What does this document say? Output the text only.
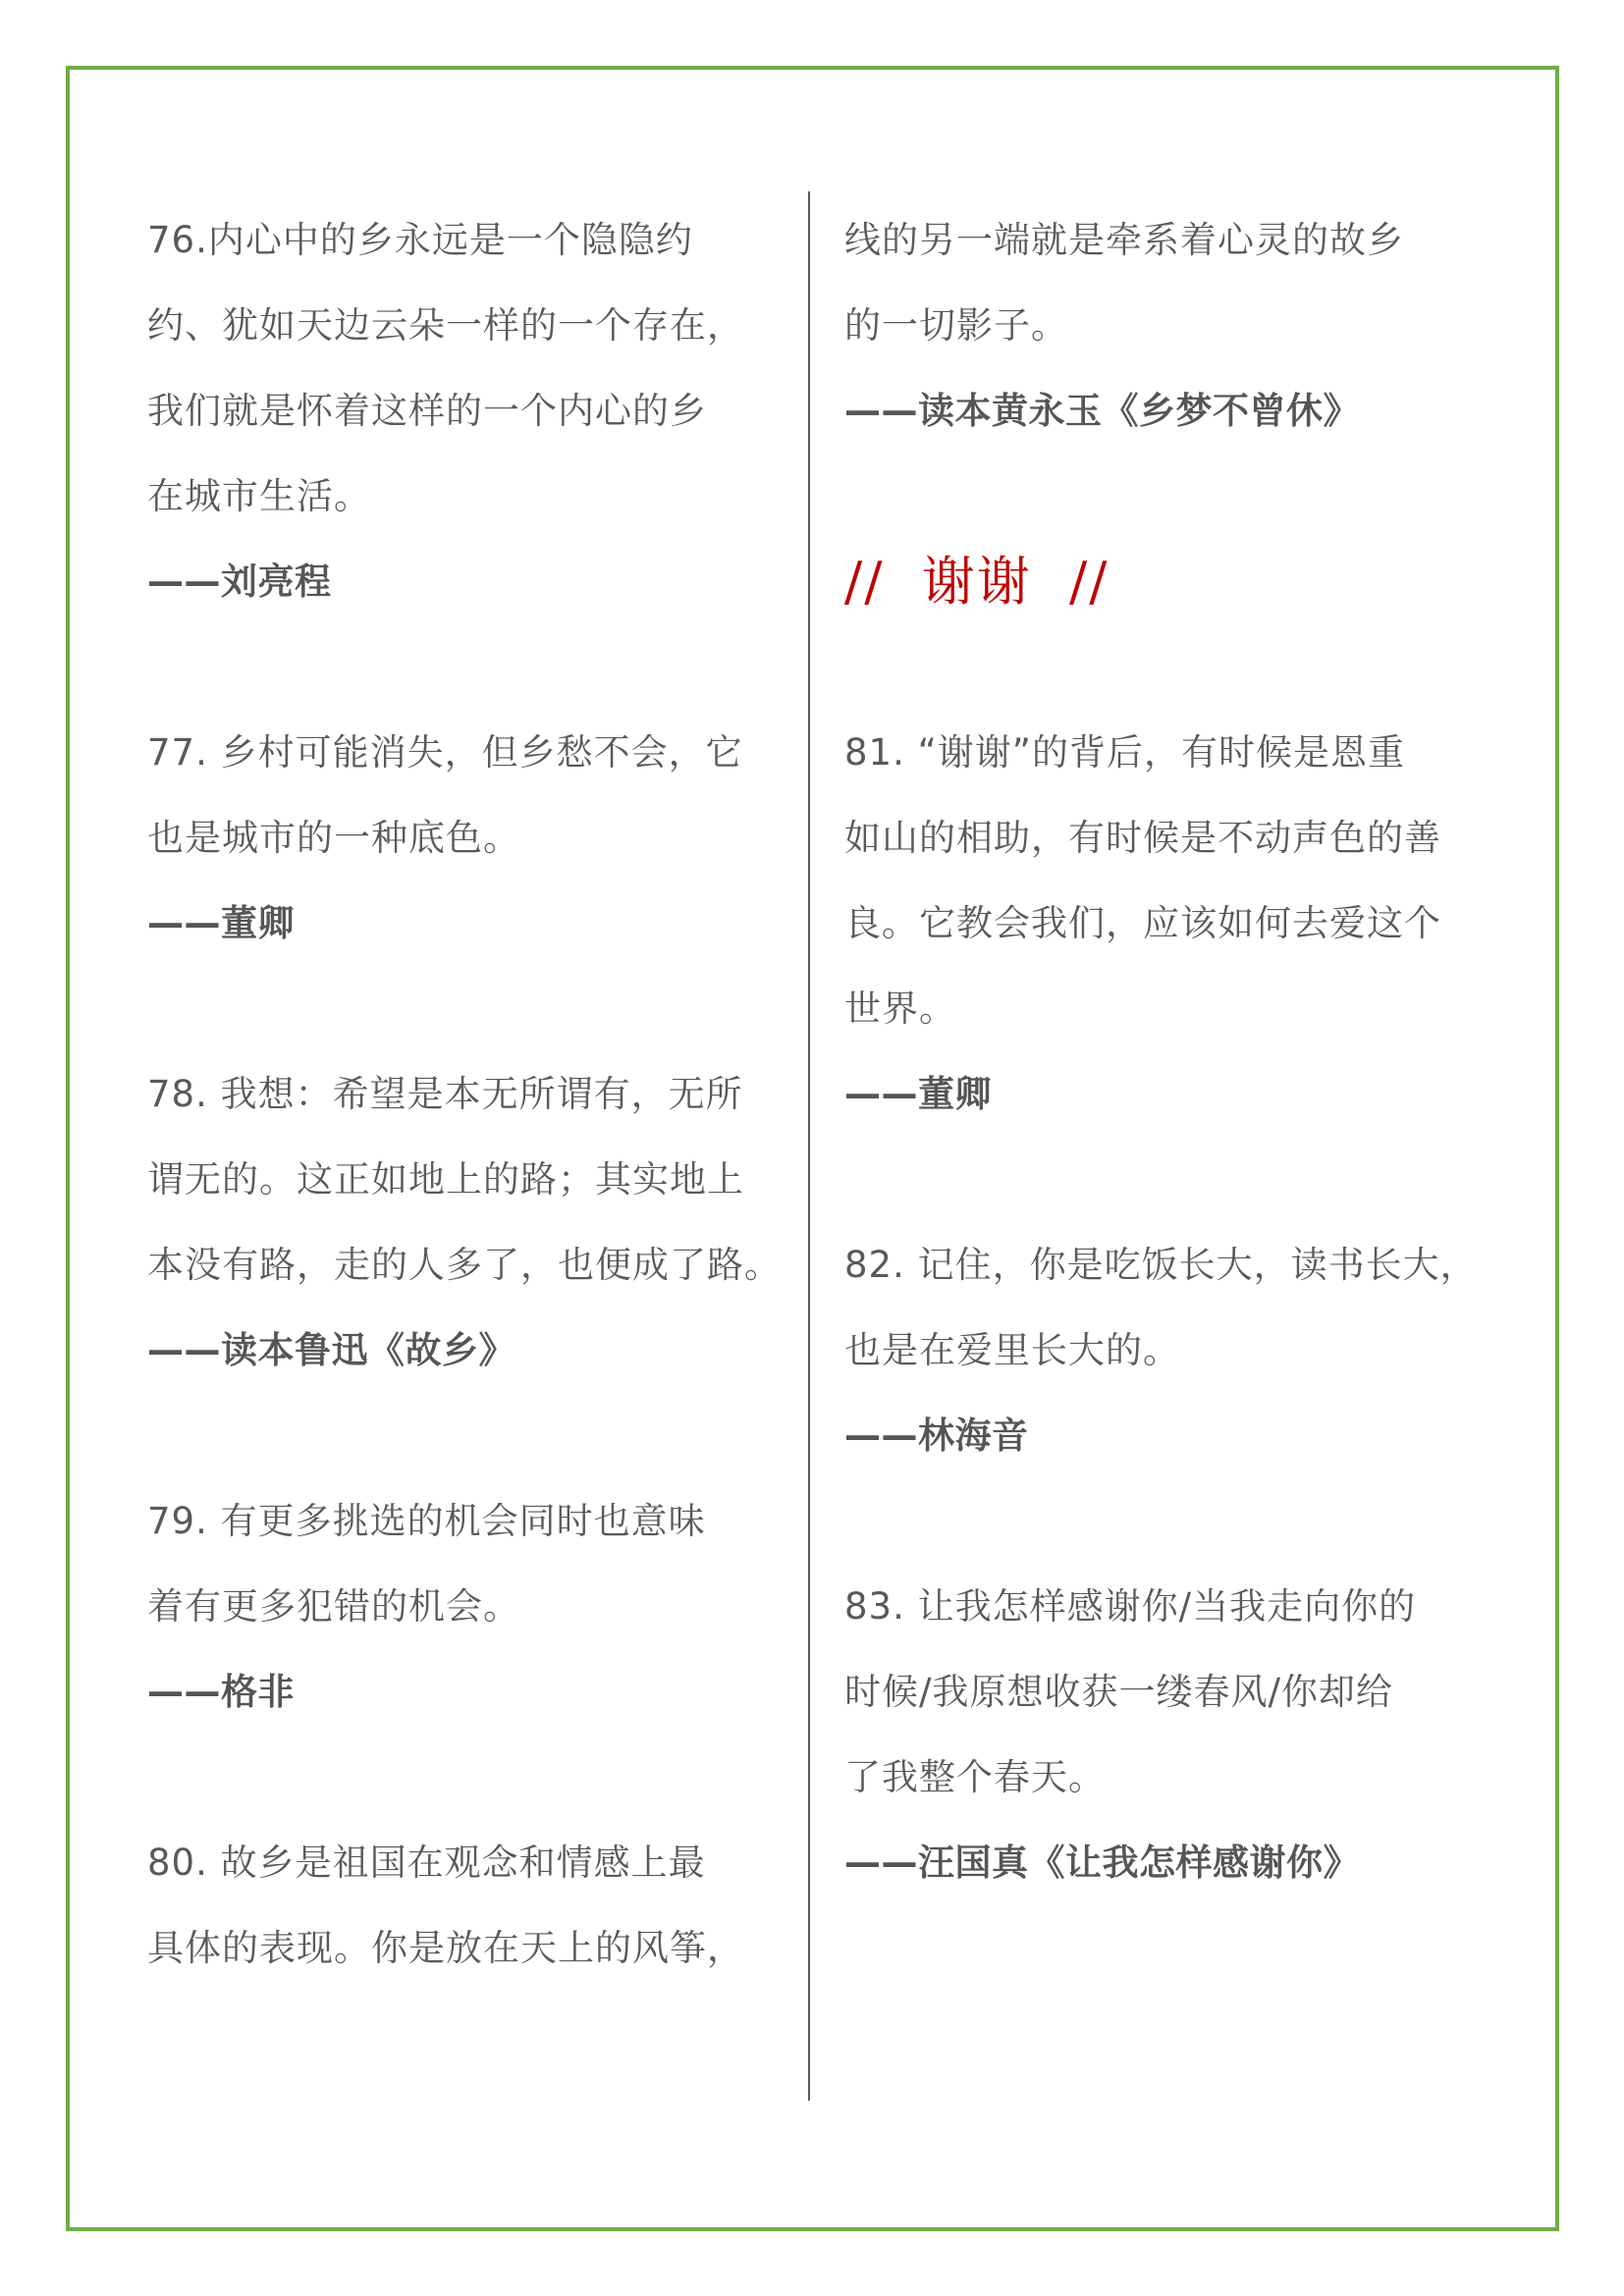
76.内心中的乡永远是一个隐隐约
约、犹如天边云朵一样的一个存在，
我们就是怀着这样的一个内心的乡
在城市生活。
——刘亮程
77. 乡村可能消失，但乡愁不会，它
也是城市的一种底色。
——董卿
78. 我想：希望是本无所谓有，无所
谓无的。这正如地上的路；其实地上
本没有路，走的人多了，也便成了路。
——读本鲁迅《故乡》
79. 有更多挑选的机会同时也意味
着有更多犯错的机会。
——格非
80. 故乡是祖国在观念和情感上最
具体的表现。你是放在天上的风筝，
线的另一端就是牵系着心灵的故乡
的一切影子。
——读本黄永玉《乡梦不曾休》
//  谢谢  //
81. “谢谢”的背后，有时候是恩重
如山的相助，有时候是不动声色的善
良。它教会我们，应该如何去爱这个
世界。
——董卿
82. 记住，你是吃饭长大，读书长大，
也是在爱里长大的。
——林海音
83. 让我怎样感谢你/当我走向你的
时候/我原想收获一缕春风/你却给
了我整个春天。
——汪国真《让我怎样感谢你》
